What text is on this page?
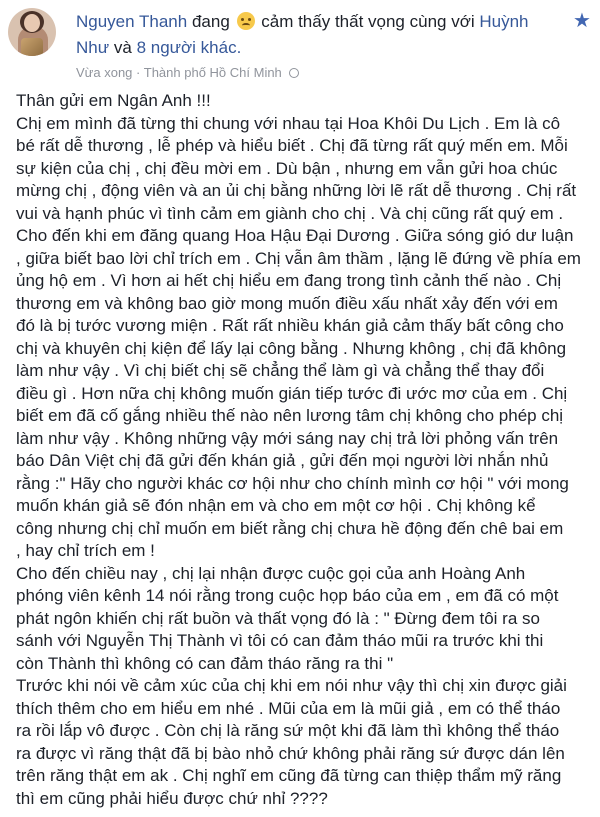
Nguyen Thanh đang cảm thấy thất vọng cùng với Huỳnh ★
Như và 8 người khác.
Vừa xong · Thành phố Hồ Chí Minh

Thân gửi em Ngân Anh !!!

Chị em mình đã từng thi chung với nhau tại Hoa Khôi Du Lịch . Em là cô
bé rất dễ thương , lễ phép và hiểu biết . Chị đã từng rất quý mến em. Mỗi
sự kiện của chị , chị đều mời em . Dù bận , nhưng em vẫn gửi hoa chúc
mừng chị , động viên và an ủi chị bằng những lời lẽ rất dễ thương . Chị rất
vui và hạnh phúc vì tình cảm em giành cho chị . Và chị cũng rất quý em .
Cho đến khi em đăng quang Hoa Hậu Đại Dương . Giữa sóng gió dư luận
, giữa biết bao lời chỉ trích em . Chị vẫn âm thầm , lặng lẽ đứng về phía em
ủng hộ em . Vì hơn ai hết chị hiểu em đang trong tình cảnh thế nào . Chị
thương em và không bao giờ mong muốn điều xấu nhất xảy đến với em
đó là bị tước vương miện . Rất rất nhiều khán giả cảm thấy bất công cho
chị và khuyên chị kiện để lấy lại công bằng . Nhưng không , chị đã không
làm như vậy . Vì chị biết chị sẽ chẳng thể làm gì và chẳng thể thay đổi
điều gì . Hơn nữa chị không muốn gián tiếp tước đi ước mơ của em . Chị
biết em đã cố gắng nhiều thế nào nên lương tâm chị không cho phép chị
làm như vậy . Không những vậy mới sáng nay chị trả lời phỏng vấn trên
báo Dân Việt chị đã gửi đến khán giả , gửi đến mọi người lời nhắn nhủ
rằng :" Hãy cho người khác cơ hội như cho chính mình cơ hội " với mong
muốn khán giả sẽ đón nhận em và cho em một cơ hội . Chị không kể
công nhưng chị chỉ muốn em biết rằng chị chưa hề động đến chê bai em
, hay chỉ trích em !

Cho đến chiều nay , chị lại nhận được cuộc gọi của anh Hoàng Anh
phóng viên kênh 14 nói rằng trong cuộc họp báo của em , em đã có một
phát ngôn khiến chị rất buồn và thất vọng đó là : " Đừng đem tôi ra so
sánh với Nguyễn Thị Thành vì tôi có can đảm tháo mũi ra trước khi thi
còn Thành thì không có can đảm tháo răng ra thi "

Trước khi nói về cảm xúc của chị khi em nói như vậy thì chị xin được giải
thích thêm cho em hiểu em nhé . Mũi của em là mũi giả , em có thể tháo
ra rồi lắp vô được . Còn chị là răng sứ một khi đã làm thì không thể tháo
ra được vì răng thật đã bị bào nhỏ chứ không phải răng sứ được dán lên
trên răng thật em ak . Chị nghĩ em cũng đã từng can thiệp thẩm mỹ răng
thì em cũng phải hiểu được chứ nhỉ ????
